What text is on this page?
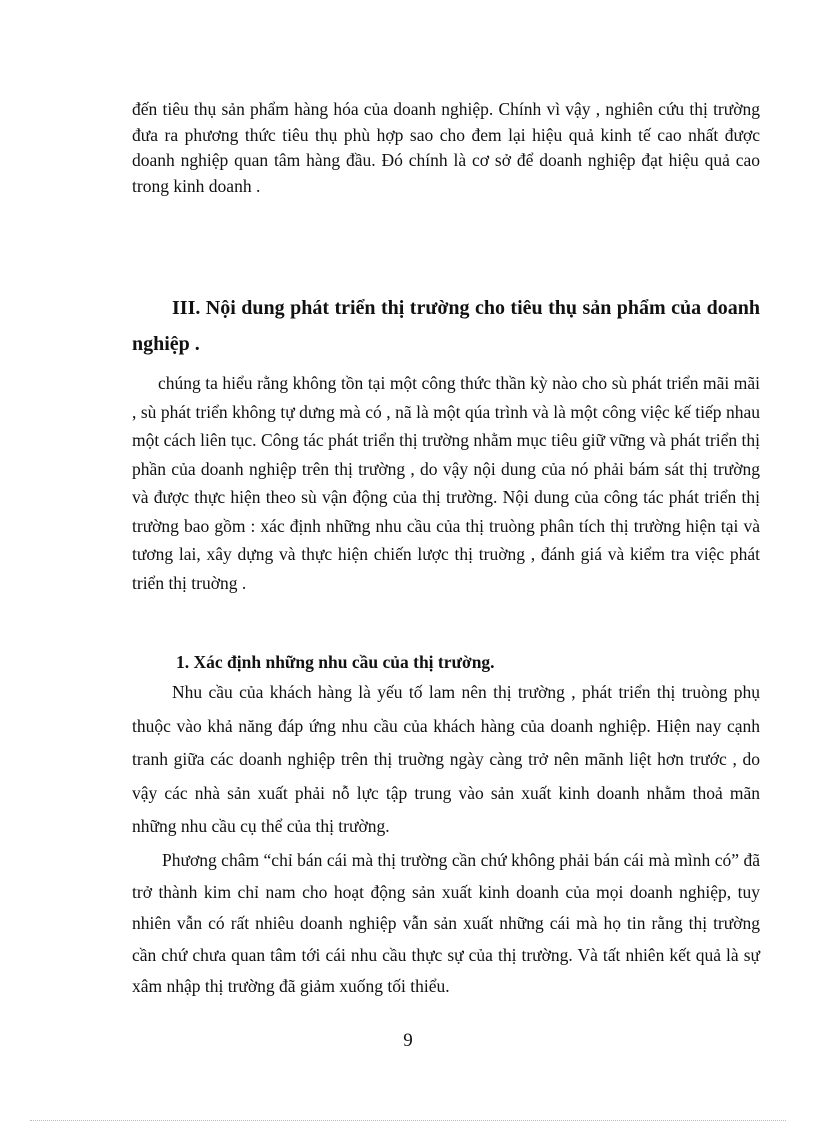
đến tiêu thụ sản phẩm hàng hóa của doanh nghiệp. Chính vì vậy , nghiên cứu thị trường đưa ra phương thức tiêu thụ phù hợp sao cho đem lại hiệu quả kinh tế cao nhất được doanh nghiệp quan tâm hàng đầu. Đó chính là cơ sở để doanh nghiệp đạt hiệu quả cao trong kinh doanh .

III. Nội dung phát triển thị trường cho tiêu thụ sản phẩm của doanh nghiệp .

chúng ta hiểu rằng không tồn tại một công thức thần kỳ nào cho sù phát triển mãi mãi , sù phát triển không tự dưng mà có , nã là một qúa trình và là một công việc kế tiếp nhau một cách liên tục. Công tác phát triển thị trường nhằm mục tiêu giữ vững và phát triển thị phần của doanh nghiệp trên thị trường , do vậy nội dung của nó phải bám sát thị trường và được thực hiện theo sù vận động của thị trường. Nội dung của công tác phát triển thị trường bao gồm : xác định những nhu cầu của thị truòng phân tích thị trường hiện tại và tương lai, xây dựng và thực hiện chiến lược thị truờng , đánh giá và kiểm tra việc phát triển thị truờng .

1. Xác định những nhu cầu của thị trường.

Nhu cầu của khách hàng là yếu tố lam nên thị trường , phát triển thị truòng phụ thuộc vào khả năng đáp ứng nhu cầu của khách hàng của doanh nghiệp. Hiện nay cạnh tranh giữa các doanh nghiệp trên thị truờng ngày càng trở nên mãnh liệt hơn trước , do vậy các nhà sản xuất phải nỗ lực tập trung vào sản xuất kinh doanh nhằm thoả mãn những nhu cầu cụ thể của thị trường.

Phương châm “chỉ bán cái mà thị trường cần chứ không phải bán cái mà mình có” đã trở thành kim chỉ nam cho hoạt động sản xuất kinh doanh của mọi doanh nghiệp, tuy nhiên vẫn có rất nhiêu doanh nghiệp vẫn sản xuất những cái mà họ tin rằng thị trường cần chứ chưa quan tâm tới cái nhu cầu thực sự của thị trường. Và tất nhiên kết quả là sự xâm nhập thị trường đã giảm xuống tối thiểu.

9
